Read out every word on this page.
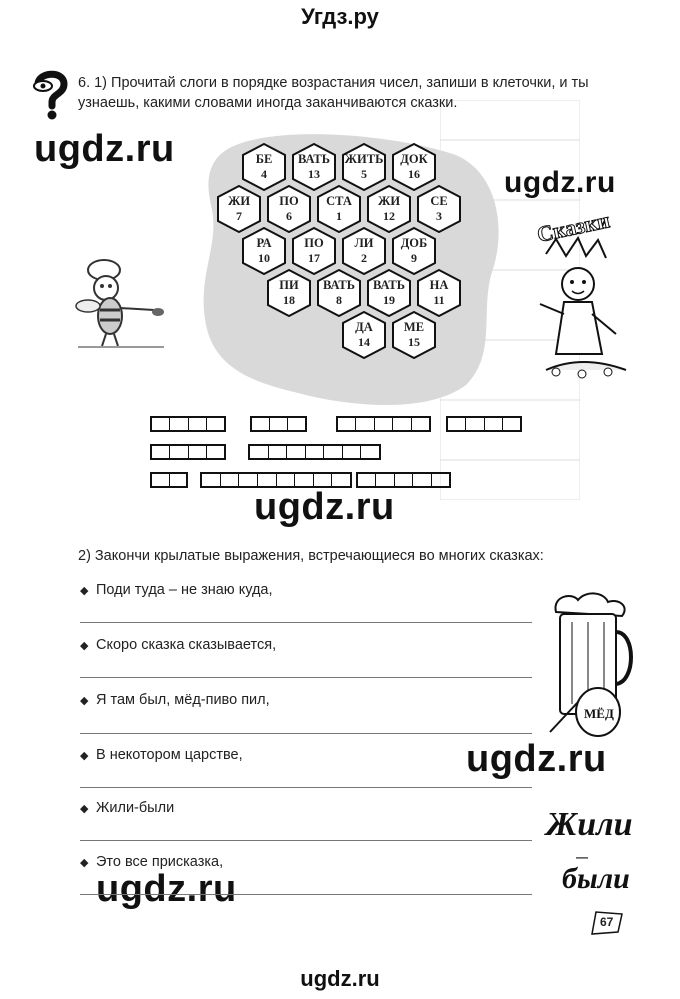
Угдз.ру
ugdz.ru
ugdz.ru
ugdz.ru
ugdz.ru
ugdz.ru
6. 1) Прочитай слоги в порядке возрастания чисел, запиши в клеточки, и ты узнаешь, какими словами иногда заканчиваются сказки.
БЕ
4
ВАТЬ
13
ЖИТЬ
5
ДОК
16
ЖИ
7
ПО
6
СТА
1
ЖИ
12
СЕ
3
РА
10
ПО
17
ЛИ
2
ДОБ
9
ПИ
18
ВАТЬ
8
ВАТЬ
19
НА
11
ДА
14
МЕ
15
Сказки
2) Закончи крылатые выражения, встречающиеся во многих сказках:
◆ Поди туда – не знаю куда,
◆ Скоро сказка сказывается,
◆ Я там был, мёд-пиво пил,
◆ В некотором царстве,
◆ Жили-были
◆ Это все присказка,
МЁД
Жили
—
были
67
ugdz.ru
